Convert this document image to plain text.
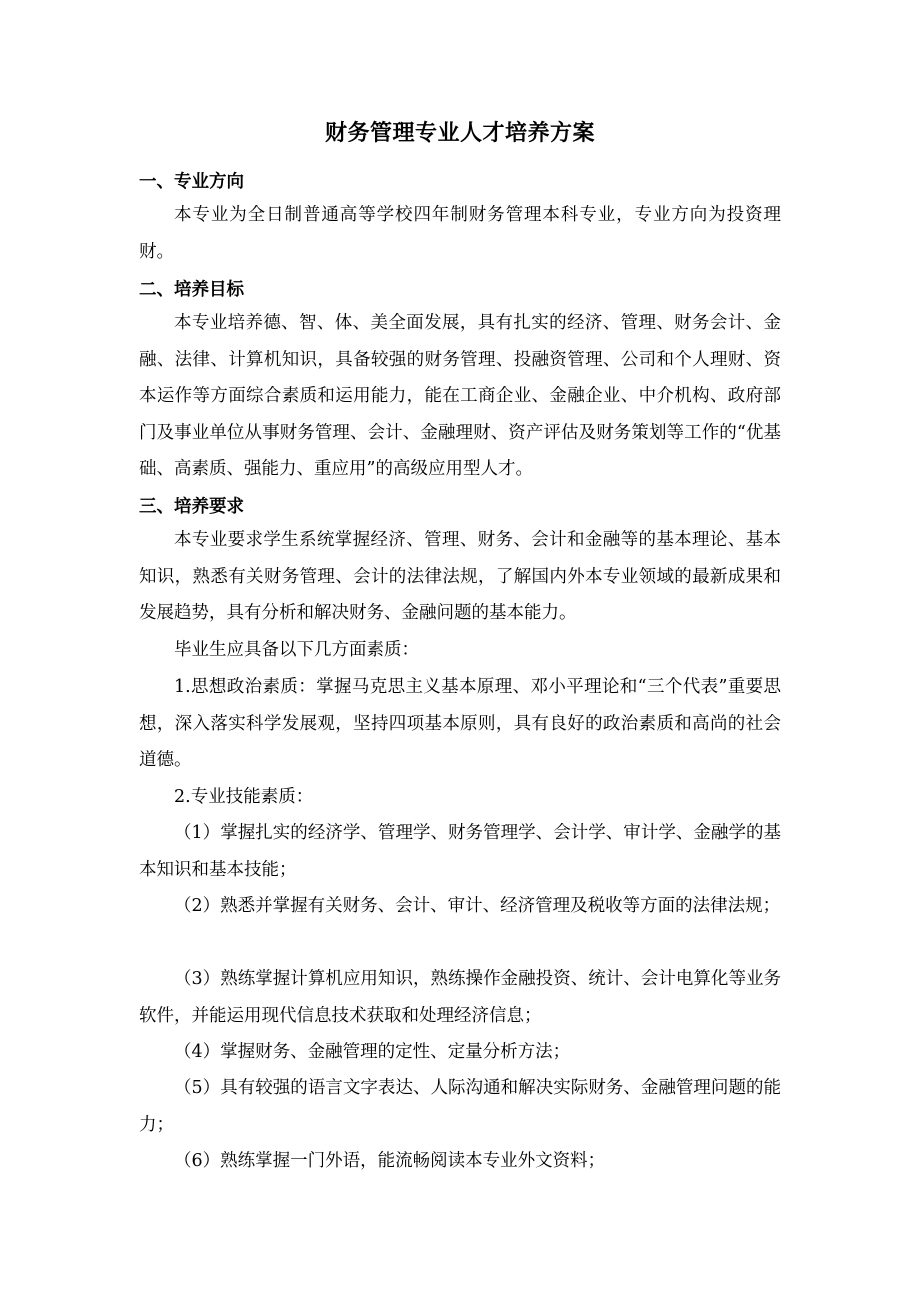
财务管理专业人才培养方案
一、专业方向
本专业为全日制普通高等学校四年制财务管理本科专业，专业方向为投资理财。
二、培养目标
本专业培养德、智、体、美全面发展，具有扎实的经济、管理、财务会计、金融、法律、计算机知识，具备较强的财务管理、投融资管理、公司和个人理财、资本运作等方面综合素质和运用能力，能在工商企业、金融企业、中介机构、政府部门及事业单位从事财务管理、会计、金融理财、资产评估及财务策划等工作的“优基础、高素质、强能力、重应用”的高级应用型人才。
三、培养要求
本专业要求学生系统掌握经济、管理、财务、会计和金融等的基本理论、基本知识，熟悉有关财务管理、会计的法律法规，了解国内外本专业领域的最新成果和发展趋势，具有分析和解决财务、金融问题的基本能力。
毕业生应具备以下几方面素质：
1.思想政治素质：掌握马克思主义基本原理、邓小平理论和“三个代表”重要思想，深入落实科学发展观，坚持四项基本原则，具有良好的政治素质和高尚的社会道德。
2.专业技能素质：
（1）掌握扎实的经济学、管理学、财务管理学、会计学、审计学、金融学的基本知识和基本技能；
（2）熟悉并掌握有关财务、会计、审计、经济管理及税收等方面的法律法规；
（3）熟练掌握计算机应用知识，熟练操作金融投资、统计、会计电算化等业务软件，并能运用现代信息技术获取和处理经济信息；
（4）掌握财务、金融管理的定性、定量分析方法；
（5）具有较强的语言文字表达、人际沟通和解决实际财务、金融管理问题的能力；
（6）熟练掌握一门外语，能流畅阅读本专业外文资料；
